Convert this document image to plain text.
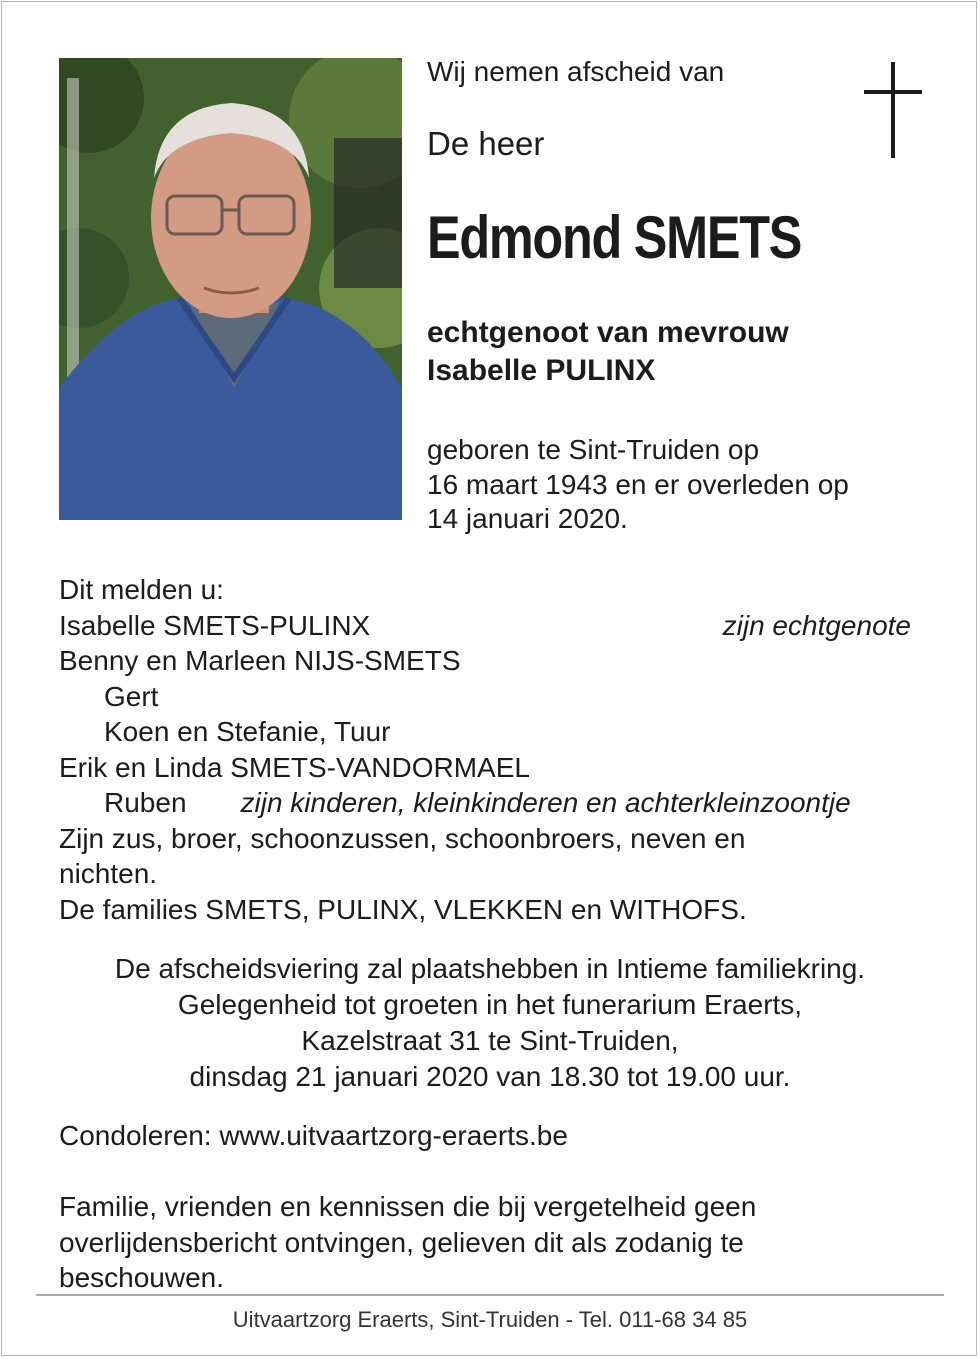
Wij nemen afscheid van
De heer
Edmond SMETS
echtgenoot van mevrouw
Isabelle PULINX
geboren te Sint-Truiden op
16 maart 1943 en er overleden op
14 januari 2020.
Dit melden u:
Isabelle SMETS-PULINX	zijn echtgenote
Benny en Marleen NIJS-SMETS
Gert
Koen en Stefanie, Tuur
Erik en Linda SMETS-VANDORMAEL
Ruben zijn kinderen, kleinkinderen en achterkleinzoontje
Zijn zus, broer, schoonzussen, schoonbroers, neven en
nichten.
De families SMETS, PULINX, VLEKKEN en WITHOFS.
De afscheidsviering zal plaatshebben in Intieme familiekring.
Gelegenheid tot groeten in het funerarium Eraerts,
Kazelstraat 31 te Sint-Truiden,
dinsdag 21 januari 2020 van 18.30 tot 19.00 uur.
Condoleren: www.uitvaartzorg-eraerts.be
Familie, vrienden en kennissen die bij vergetelheid geen
overlijdensbericht ontvingen, gelieven dit als zodanig te
beschouwen.
Uitvaartzorg Eraerts, Sint-Truiden - Tel. 011-68 34 85
